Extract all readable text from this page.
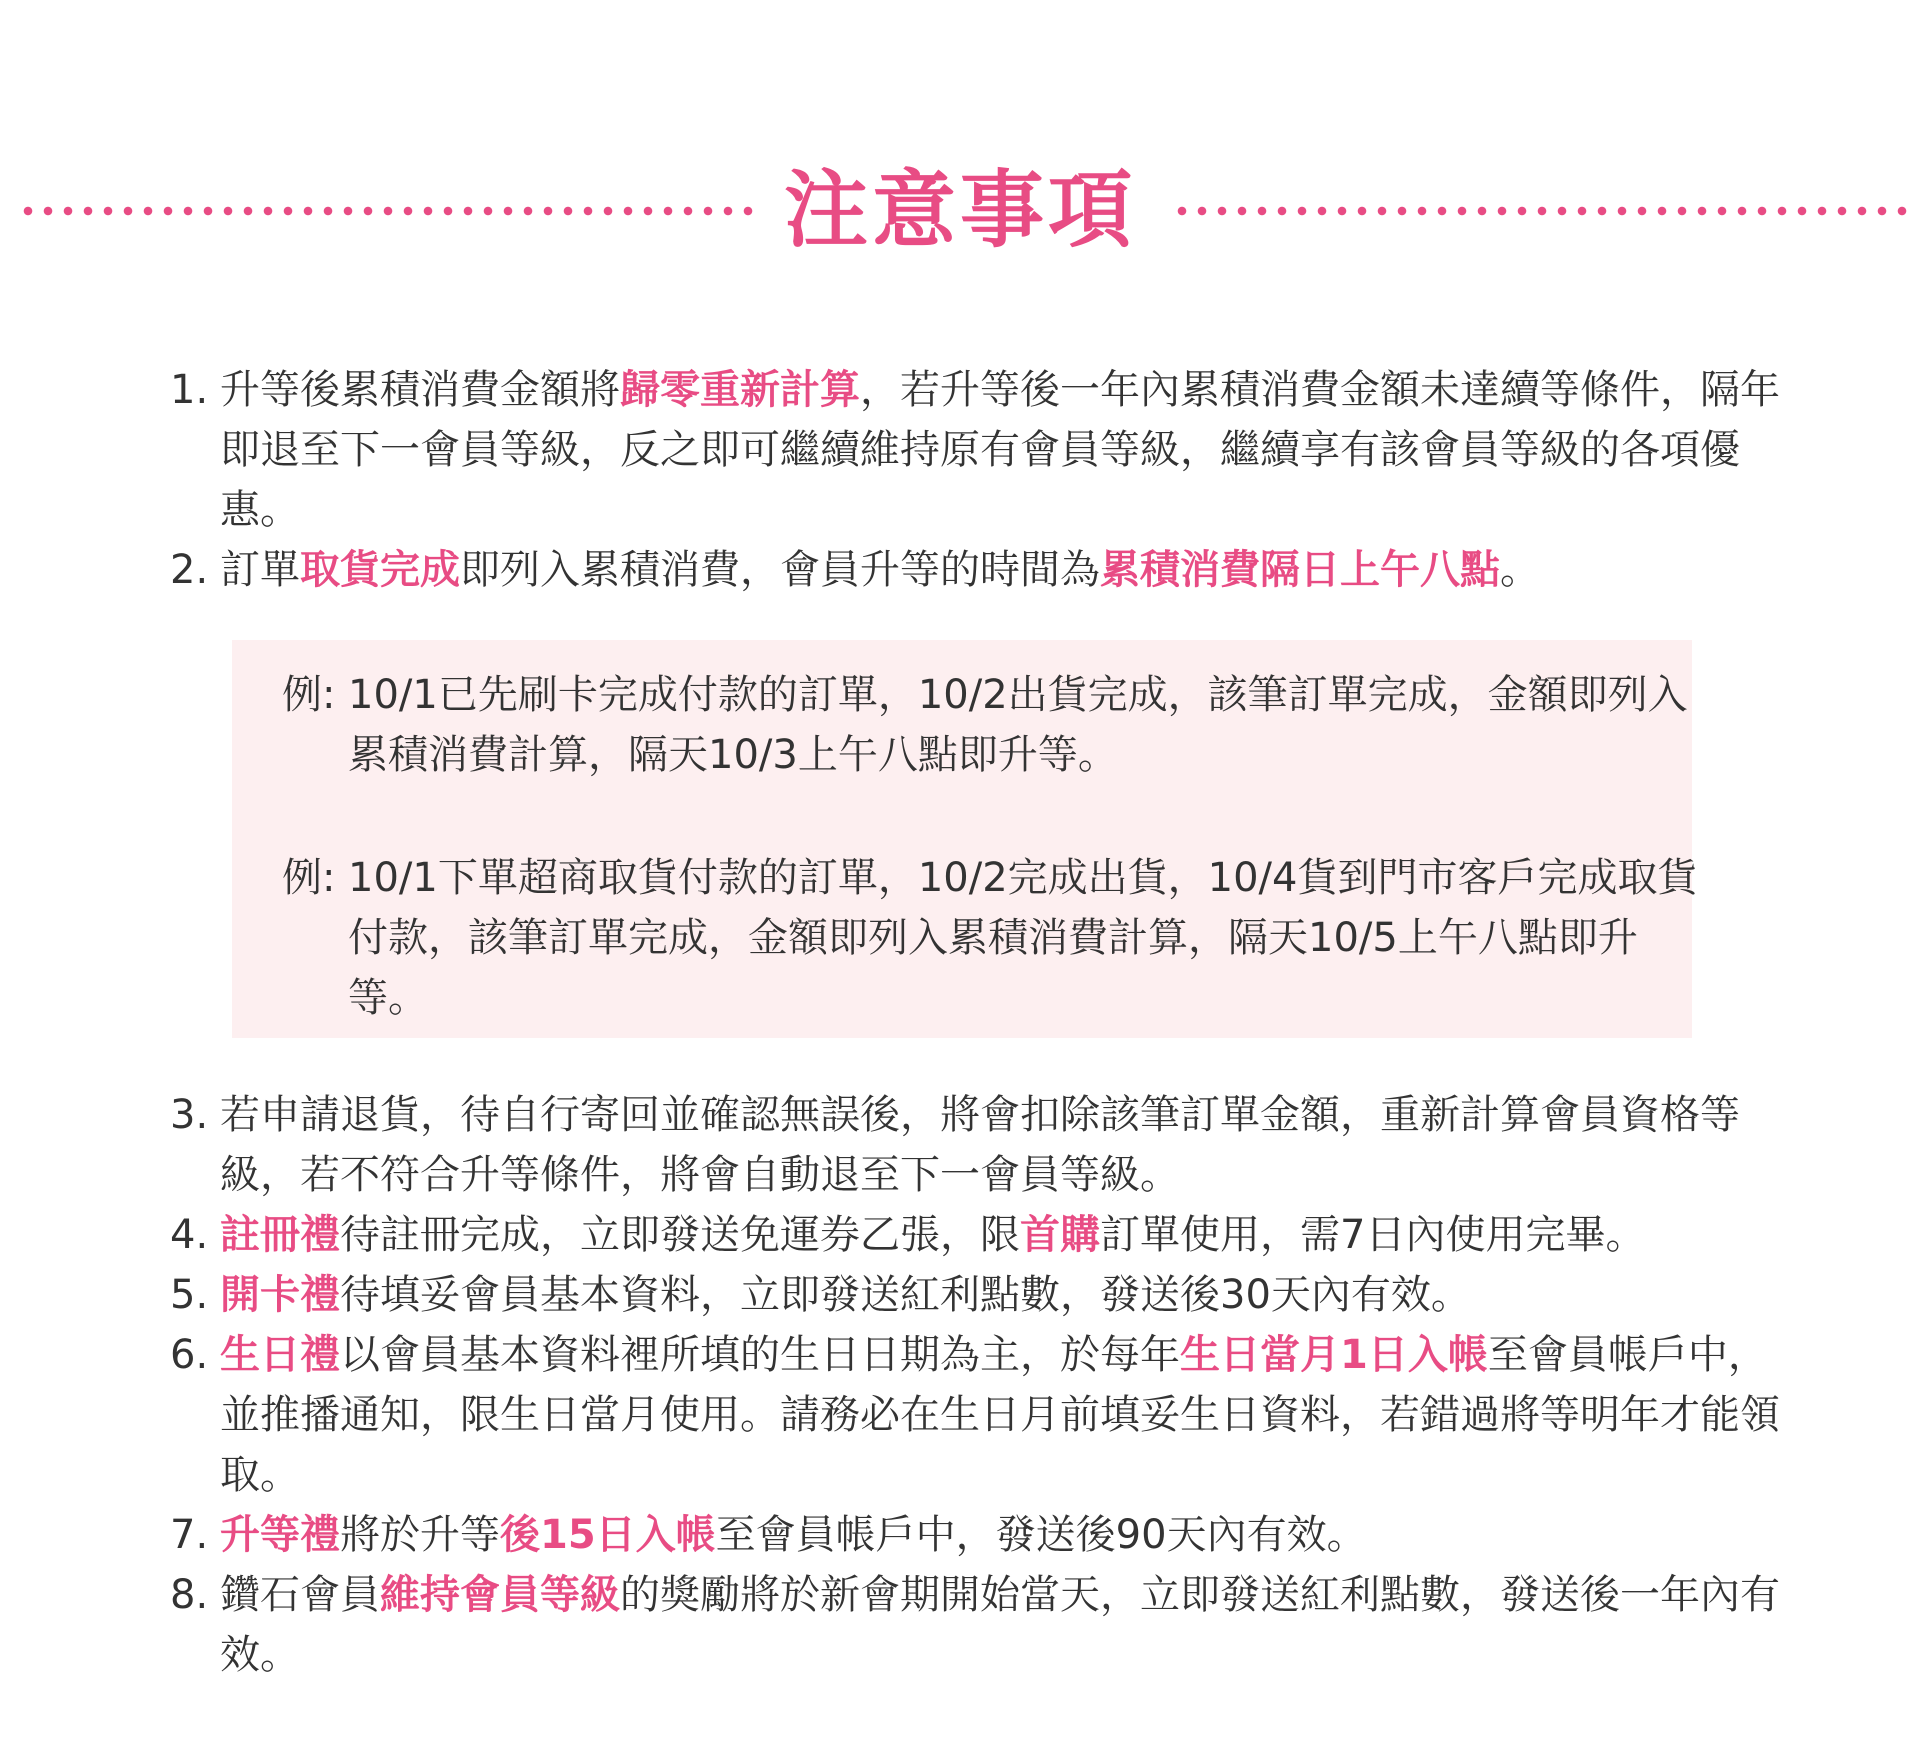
注意事項
1. 升等後累積消費金額將歸零重新計算，若升等後一年內累積消費金額未達續等條件，隔年即退至下一會員等級，反之即可繼續維持原有會員等級，繼續享有該會員等級的各項優惠。
2. 訂單取貨完成即列入累積消費，會員升等的時間為累積消費隔日上午八點。

例: 10/1已先刷卡完成付款的訂單，10/2出貨完成，該筆訂單完成，金額即列入累積消費計算，隔天10/3上午八點即升等。

例: 10/1下單超商取貨付款的訂單，10/2完成出貨，10/4貨到門市客戶完成取貨付款，該筆訂單完成，金額即列入累積消費計算，隔天10/5上午八點即升等。

3. 若申請退貨，待自行寄回並確認無誤後，將會扣除該筆訂單金額，重新計算會員資格等級，若不符合升等條件，將會自動退至下一會員等級。
4. 註冊禮待註冊完成，立即發送免運券乙張，限首購訂單使用，需7日內使用完畢。
5. 開卡禮待填妥會員基本資料，立即發送紅利點數，發送後30天內有效。
6. 生日禮以會員基本資料裡所填的生日日期為主，於每年生日當月1日入帳至會員帳戶中，並推播通知，限生日當月使用。請務必在生日月前填妥生日資料，若錯過將等明年才能領取。
7. 升等禮將於升等後15日入帳至會員帳戶中，發送後90天內有效。
8. 鑽石會員維持會員等級的獎勵將於新會期開始當天，立即發送紅利點數，發送後一年內有效。
